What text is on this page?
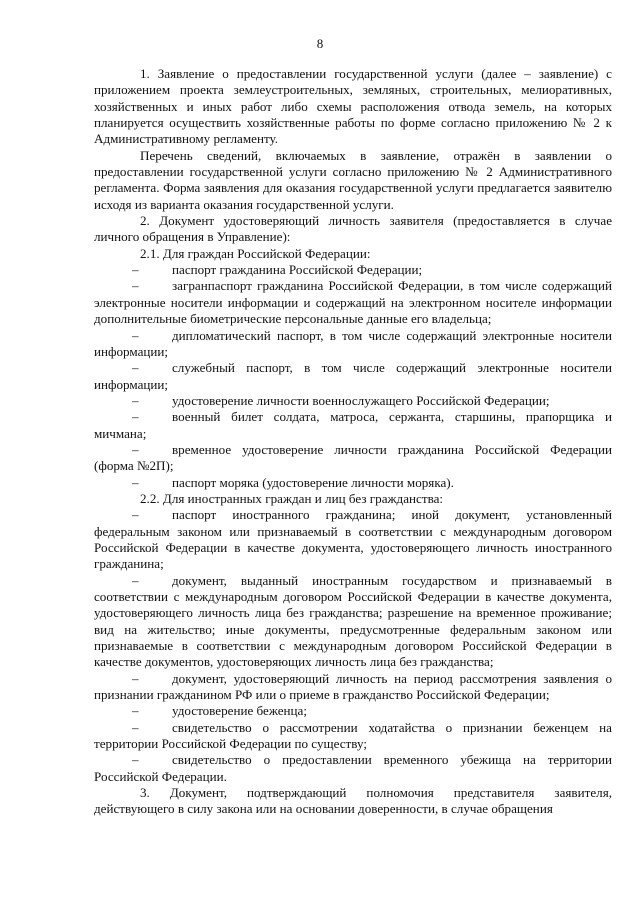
8

1. Заявление о предоставлении государственной услуги (далее – заявление) с приложением проекта землеустроительных, земляных, строительных, мелиоративных, хозяйственных и иных работ либо схемы расположения отвода земель, на которых планируется осуществить хозяйственные работы по форме согласно приложению № 2 к Административному регламенту.

Перечень сведений, включаемых в заявление, отражён в заявлении о предоставлении государственной услуги согласно приложению № 2 Административного регламента. Форма заявления для оказания государственной услуги предлагается заявителю исходя из варианта оказания государственной услуги.

2. Документ удостоверяющий личность заявителя (предоставляется в случае личного обращения в Управление):

2.1. Для граждан Российской Федерации:

–	паспорт гражданина Российской Федерации;

–	загранпаспорт гражданина Российской Федерации, в том числе содержащий электронные носители информации и содержащий на электронном носителе информации дополнительные биометрические персональные данные его владельца;

–	дипломатический паспорт, в том числе содержащий электронные носители информации;

–	служебный паспорт, в том числе содержащий электронные носители информации;

–	удостоверение личности военнослужащего Российской Федерации;

–	военный билет солдата, матроса, сержанта, старшины, прапорщика и мичмана;

–	временное удостоверение личности гражданина Российской Федерации (форма №2П);

–	паспорт моряка (удостоверение личности моряка).

2.2. Для иностранных граждан и лиц без гражданства:

–	паспорт иностранного гражданина; иной документ, установленный федеральным законом или признаваемый в соответствии с международным договором Российской Федерации в качестве документа, удостоверяющего личность иностранного гражданина;

–	документ, выданный иностранным государством и признаваемый в соответствии с международным договором Российской Федерации в качестве документа, удостоверяющего личность лица без гражданства; разрешение на временное проживание; вид на жительство; иные документы, предусмотренные федеральным законом или признаваемые в соответствии с международным договором Российской Федерации в качестве документов, удостоверяющих личность лица без гражданства;

–	документ, удостоверяющий личность на период рассмотрения заявления о признании гражданином РФ или о приеме в гражданство Российской Федерации;

–	удостоверение беженца;

–	свидетельство о рассмотрении ходатайства о признании беженцем на территории Российской Федерации по существу;

–	свидетельство о предоставлении временного убежища на территории Российской Федерации.

3. Документ, подтверждающий полномочия представителя заявителя, действующего в силу закона или на основании доверенности, в случае обращения
